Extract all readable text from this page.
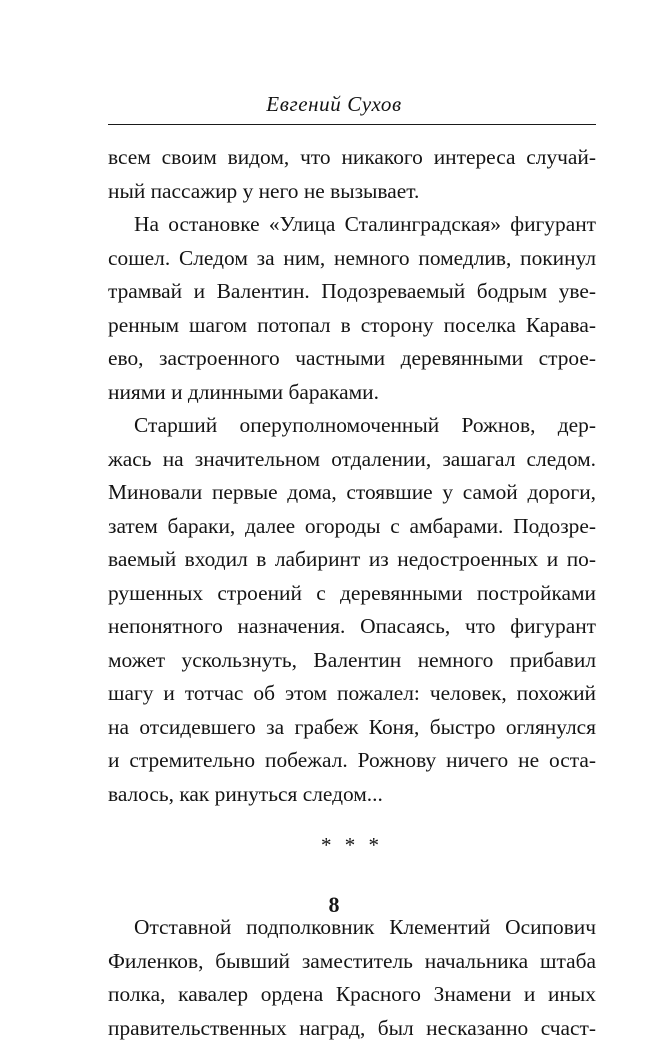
Евгений Сухов
всем своим видом, что никакого интереса случай-
ный пассажир у него не вызывает.
На остановке «Улица Сталинградская» фигурант
сошел. Следом за ним, немного помедлив, покинул
трамвай и Валентин. Подозреваемый бодрым уве-
ренным шагом потопал в сторону поселка Карава-
ево, застроенного частными деревянными строе-
ниями и длинными бараками.
Старший оперуполномоченный Рожнов, дер-
жась на значительном отдалении, зашагал следом.
Миновали первые дома, стоявшие у самой дороги,
затем бараки, далее огороды с амбарами. Подозре-
ваемый входил в лабиринт из недостроенных и по-
рушенных строений с деревянными постройками
непонятного назначения. Опасаясь, что фигурант
может ускользнуть, Валентин немного прибавил
шагу и тотчас об этом пожалел: человек, похожий
на отсидевшего за грабеж Коня, быстро оглянулся
и стремительно побежал. Рожнову ничего не оста-
валось, как ринуться следом...
* * *
Отставной подполковник Клементий Осипович
Филенков, бывший заместитель начальника штаба
полка, кавалер ордена Красного Знамени и иных
правительственных наград, был несказанно счаст-
8
